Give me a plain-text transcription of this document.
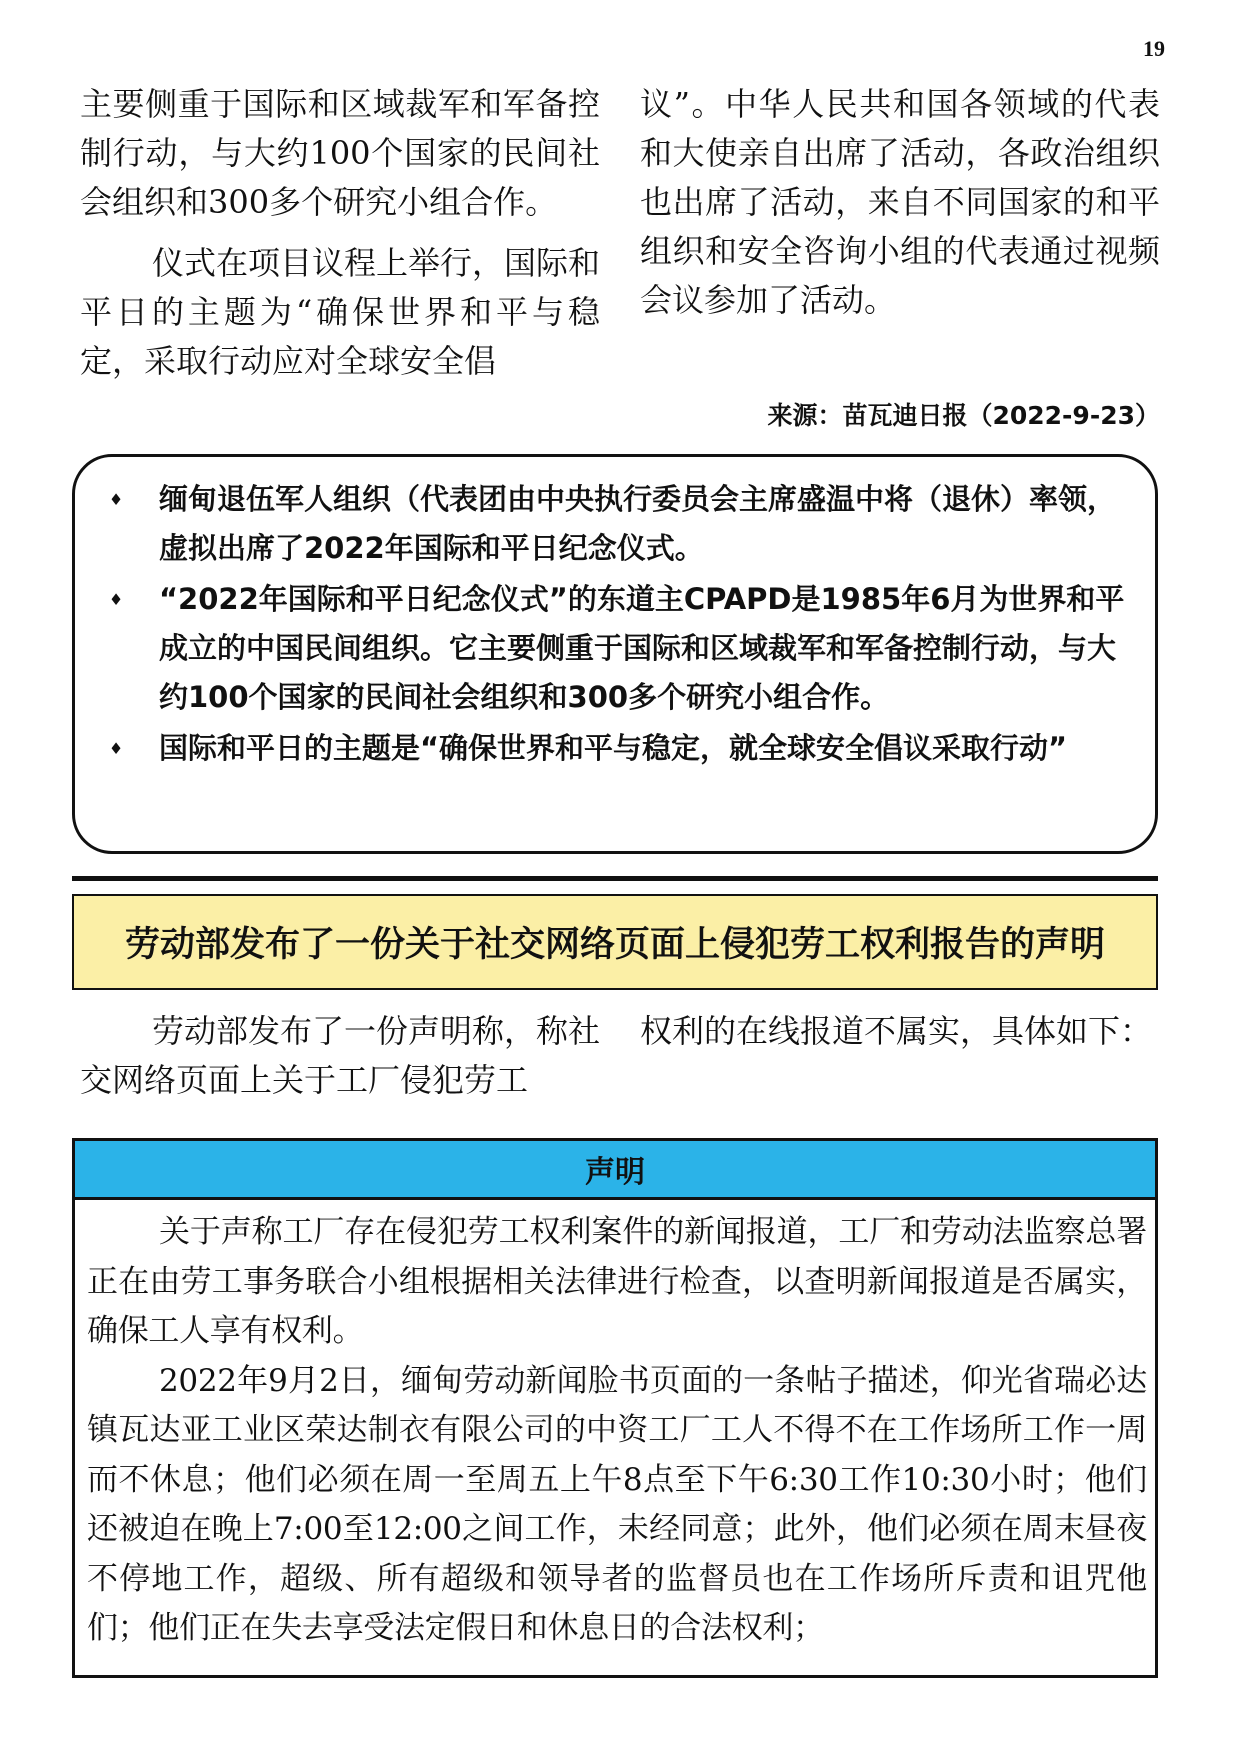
19

主要侧重于国际和区域裁军和军备控制行动，与大约100个国家的民间社会组织和300多个研究小组合作。

仪式在项目议程上举行，国际和平日的主题为“确保世界和平与稳定，采取行动应对全球安全倡

议”。中华人民共和国各领域的代表和大使亲自出席了活动，各政治组织也出席了活动，来自不同国家的和平组织和安全咨询小组的代表通过视频会议参加了活动。

来源：苗瓦迪日报（2022-9-23）
♦ 缅甸退伍军人组织（代表团由中央执行委员会主席盛温中将（退休）率领，虚拟出席了2022年国际和平日纪念仪式。
♦ “2022年国际和平日纪念仪式”的东道主CPAPD是1985年6月为世界和平成立的中国民间组织。它主要侧重于国际和区域裁军和军备控制行动，与大约100个国家的民间社会组织和300多个研究小组合作。
♦ 国际和平日的主题是“确保世界和平与稳定，就全球安全倡议采取行动”
劳动部发布了一份关于社交网络页面上侵犯劳工权利报告的声明

劳动部发布了一份声明称，称社交网络页面上关于工厂侵犯劳工

权利的在线报道不属实，具体如下：

声明

关于声称工厂存在侵犯劳工权利案件的新闻报道，工厂和劳动法监察总署正在由劳工事务联合小组根据相关法律进行检查，以查明新闻报道是否属实，确保工人享有权利。

2022年9月2日，缅甸劳动新闻脸书页面的一条帖子描述，仰光省瑞必达镇瓦达亚工业区荣达制衣有限公司的中资工厂工人不得不在工作场所工作一周而不休息；他们必须在周一至周五上午8点至下午6:30工作10:30小时；他们还被迫在晚上7:00至12:00之间工作，未经同意；此外，他们必须在周末昼夜不停地工作，超级、所有超级和领导者的监督员也在工作场所斥责和诅咒他们；他们正在失去享受法定假日和休息日的合法权利；
